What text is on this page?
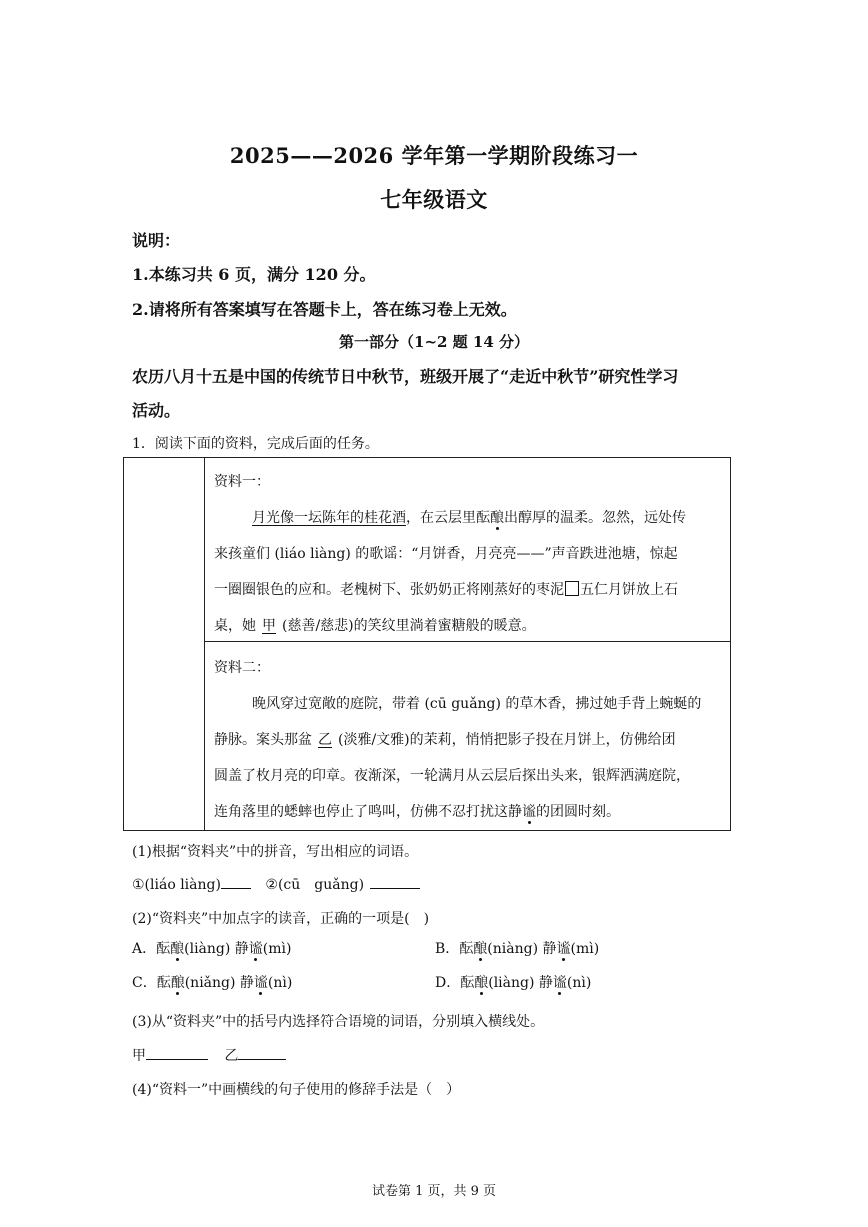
2025——2026 学年第一学期阶段练习一
七年级语文
说明：
1.本练习共 6 页，满分 120 分。
2.请将所有答案填写在答题卡上，答在练习卷上无效。
第一部分（1~2 题 14 分）
农历八月十五是中国的传统节日中秋节，班级开展了“走近中秋节”研究性学习
活动。
1．阅读下面的资料，完成后面的任务。
资料一：
月光像一坛陈年的桂花酒，在云层里酝酿出醇厚的温柔。忽然，远处传
来孩童们 (liáo liàng) 的歌谣：“月饼香，月亮亮——”声音跌进池塘，惊起
一圈圈银色的应和。老槐树下、张奶奶正将刚蒸好的枣泥 五仁月饼放上石
桌，她 甲 (慈善/慈悲)的笑纹里淌着蜜糖般的暖意。
资料二：
晚风穿过宽敞的庭院，带着 (cū guǎng) 的草木香，拂过她手背上蜿蜒的
静脉。案头那盆 乙 (淡雅/文雅)的茉莉，悄悄把影子投在月饼上，仿佛给团
圆盖了枚月亮的印章。夜渐深，一轮满月从云层后探出头来，银辉洒满庭院，
连角落里的蟋蟀也停止了鸣叫，仿佛不忍打扰这静谧的团圆时刻。
(1)根据“资料夹”中的拼音，写出相应的词语。
①(liáo liàng)	②(cū　guǎng)
(2)“资料夹”中加点字的读音，正确的一项是(　)
A．酝酿(liàng) 静谧(mì)	B．酝酿(niàng) 静谧(mì)
C．酝酿(niǎng) 静谧(nì)	D．酝酿(liàng) 静谧(nì)
(3)从“资料夹”中的括号内选择符合语境的词语，分别填入横线处。
甲	乙
(4)“资料一”中画横线的句子使用的修辞手法是（　）
试卷第 1 页，共 9 页
